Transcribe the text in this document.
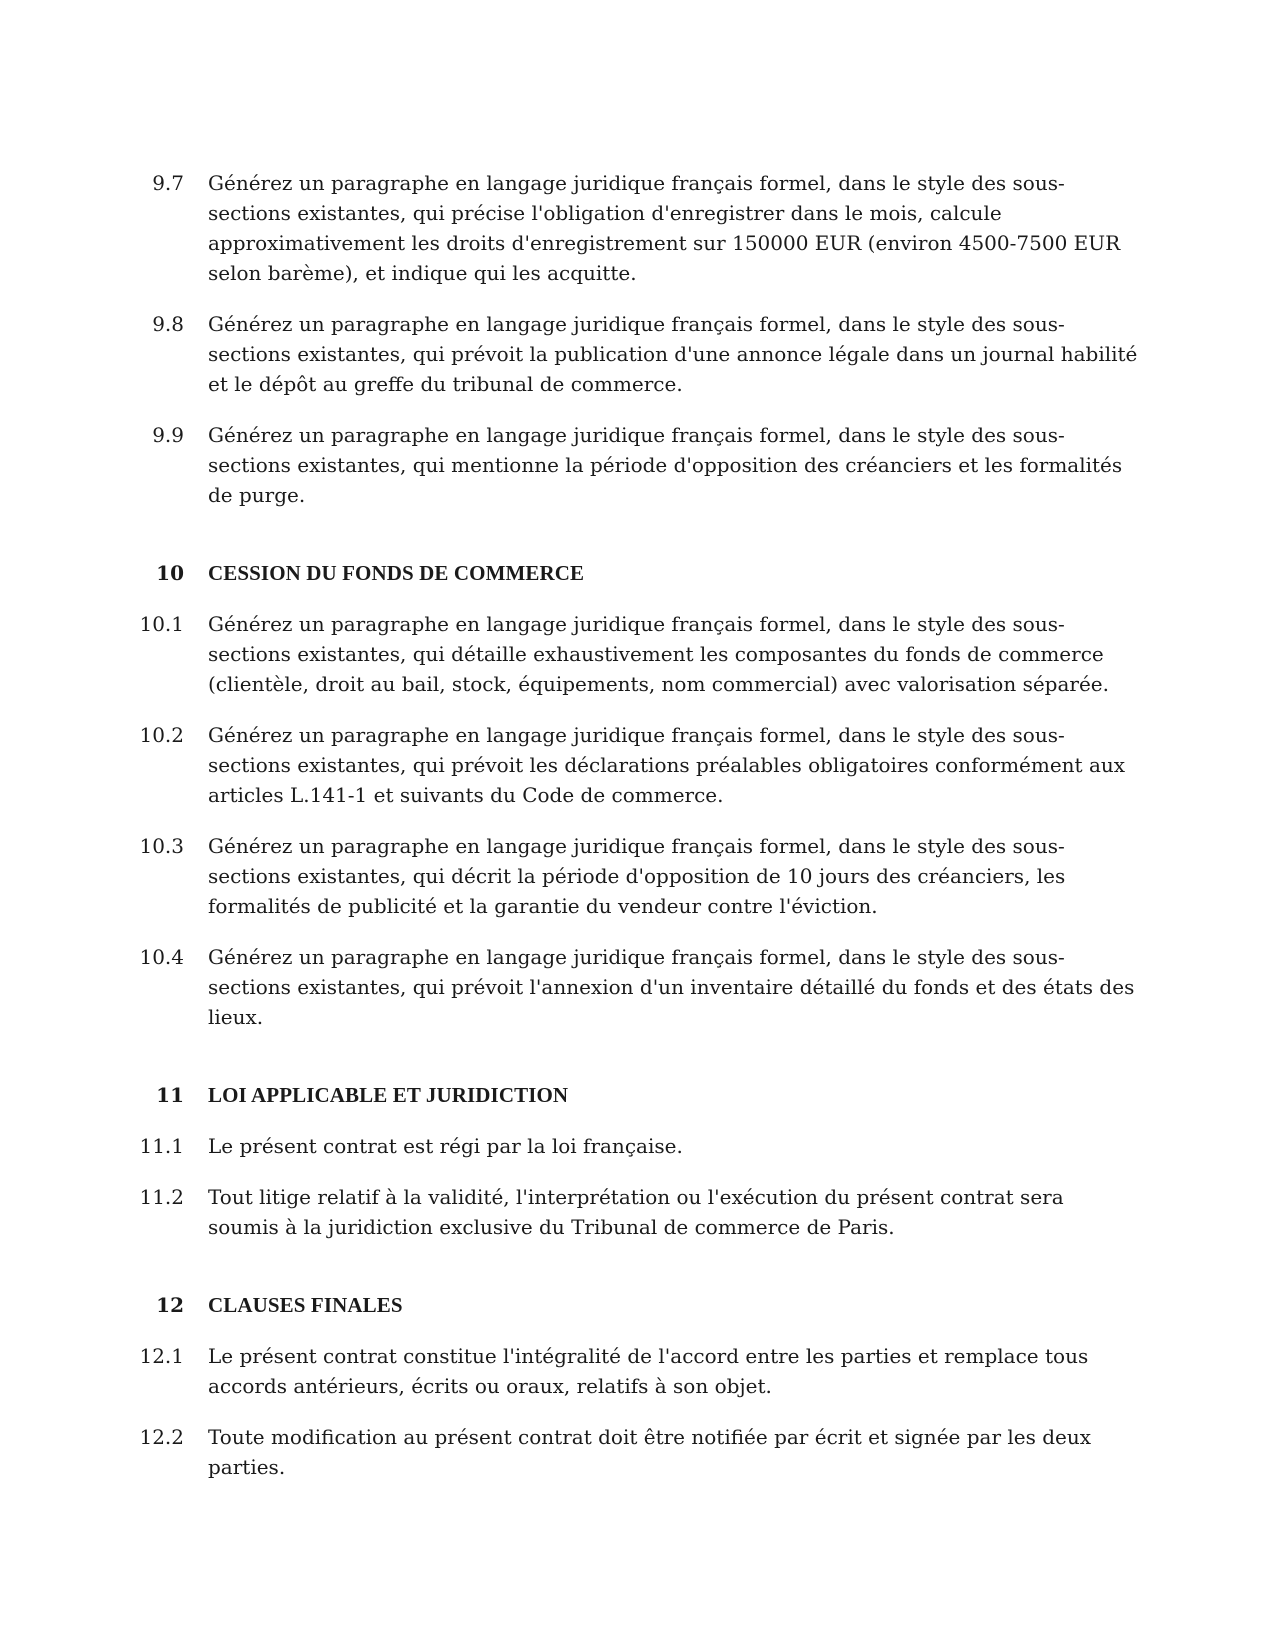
9.7	Générez un paragraphe en langage juridique français formel, dans le style des sous-sections existantes, qui précise l'obligation d'enregistrer dans le mois, calcule approximativement les droits d'enregistrement sur 150000 EUR (environ 4500-7500 EUR selon barème), et indique qui les acquitte.
9.8	Générez un paragraphe en langage juridique français formel, dans le style des sous-sections existantes, qui prévoit la publication d'une annonce légale dans un journal habilité et le dépôt au greffe du tribunal de commerce.
9.9	Générez un paragraphe en langage juridique français formel, dans le style des sous-sections existantes, qui mentionne la période d'opposition des créanciers et les formalités de purge.
10	CESSION DU FONDS DE COMMERCE
10.1	Générez un paragraphe en langage juridique français formel, dans le style des sous-sections existantes, qui détaille exhaustivement les composantes du fonds de commerce (clientèle, droit au bail, stock, équipements, nom commercial) avec valorisation séparée.
10.2	Générez un paragraphe en langage juridique français formel, dans le style des sous-sections existantes, qui prévoit les déclarations préalables obligatoires conformément aux articles L.141-1 et suivants du Code de commerce.
10.3	Générez un paragraphe en langage juridique français formel, dans le style des sous-sections existantes, qui décrit la période d'opposition de 10 jours des créanciers, les formalités de publicité et la garantie du vendeur contre l'éviction.
10.4	Générez un paragraphe en langage juridique français formel, dans le style des sous-sections existantes, qui prévoit l'annexion d'un inventaire détaillé du fonds et des états des lieux.
11	LOI APPLICABLE ET JURIDICTION
11.1	Le présent contrat est régi par la loi française.
11.2	Tout litige relatif à la validité, l'interprétation ou l'exécution du présent contrat sera soumis à la juridiction exclusive du Tribunal de commerce de Paris.
12	CLAUSES FINALES
12.1	Le présent contrat constitue l'intégralité de l'accord entre les parties et remplace tous accords antérieurs, écrits ou oraux, relatifs à son objet.
12.2	Toute modification au présent contrat doit être notifiée par écrit et signée par les deux parties.
